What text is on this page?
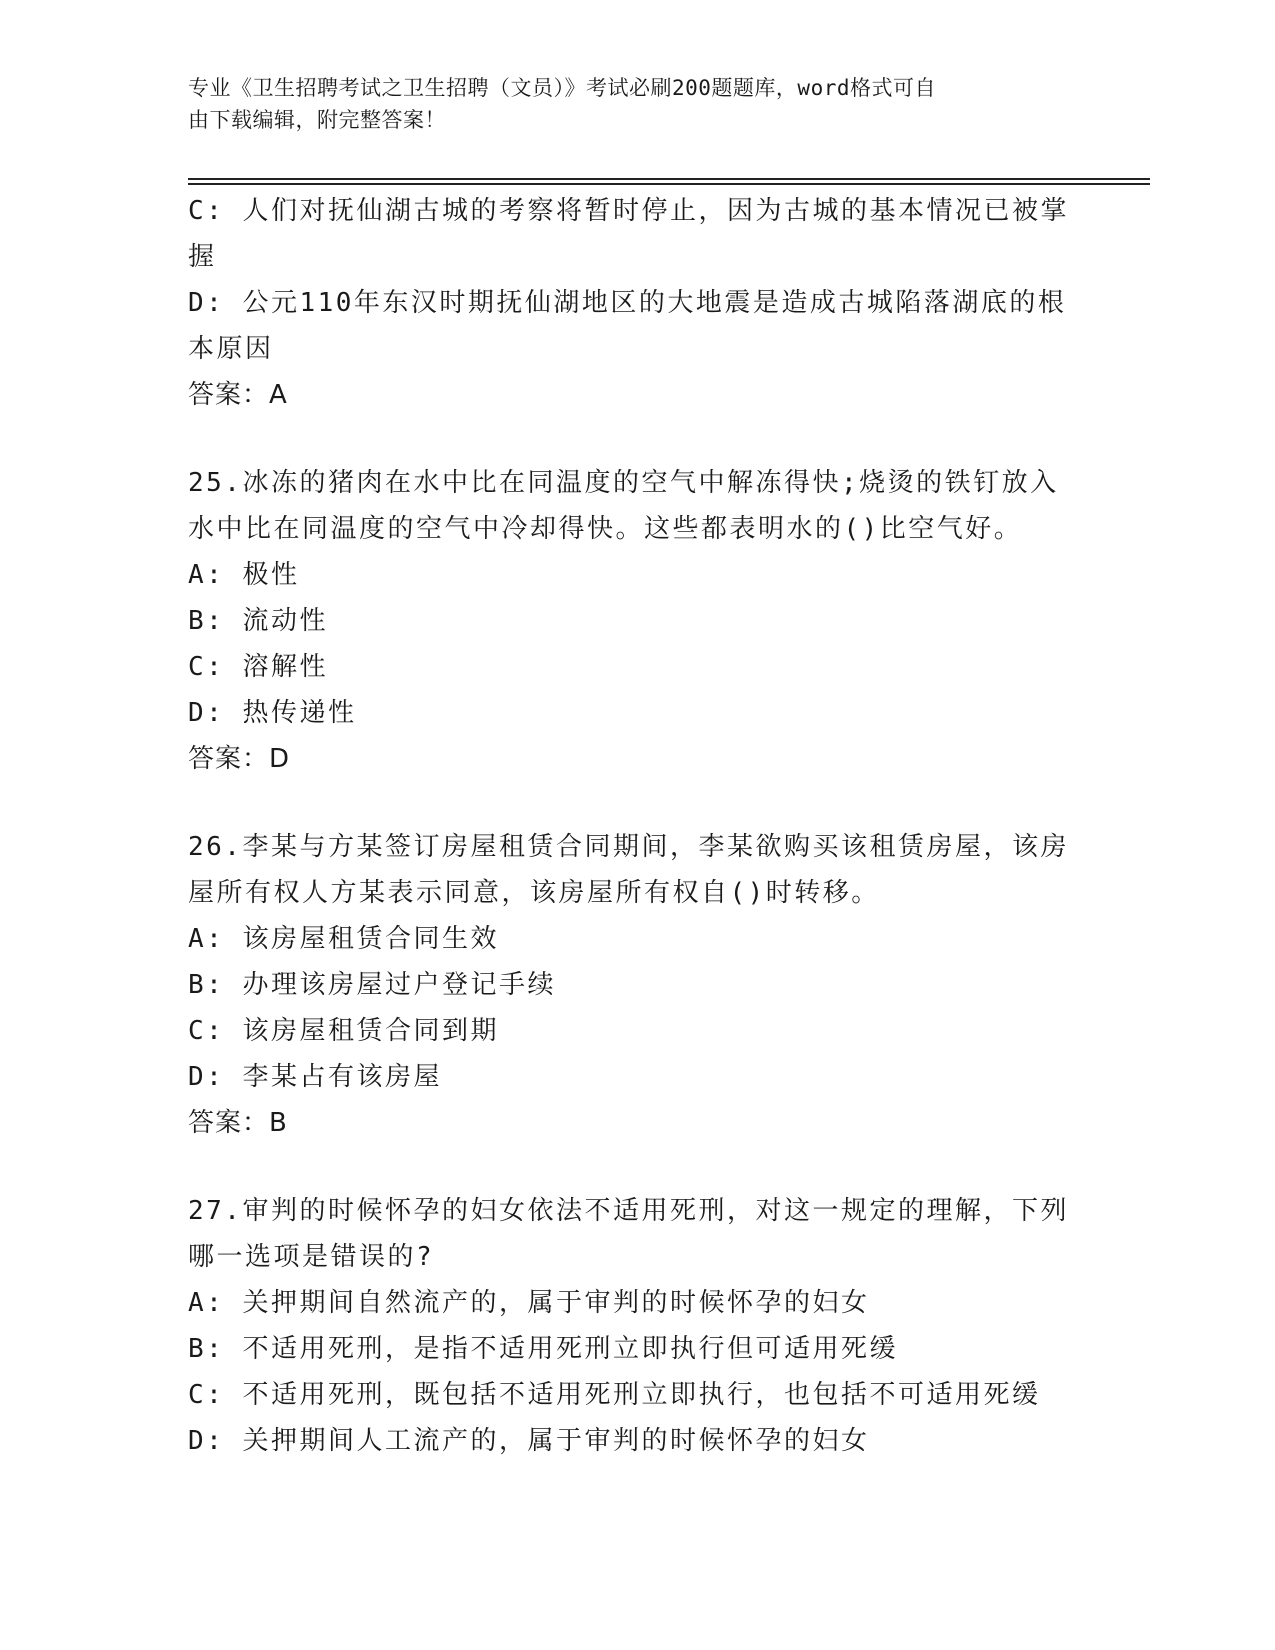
专业《卫生招聘考试之卫生招聘（文员）》考试必刷200题题库，word格式可自
由下载编辑，附完整答案！

C: 人们对抚仙湖古城的考察将暂时停止，因为古城的基本情况已被掌

握

D: 公元110年东汉时期抚仙湖地区的大地震是造成古城陷落湖底的根

本原因

答案：A

25.冰冻的猪肉在水中比在同温度的空气中解冻得快;烧烫的铁钉放入

水中比在同温度的空气中冷却得快。这些都表明水的()比空气好。

A: 极性

B: 流动性

C: 溶解性

D: 热传递性

答案：D

26.李某与方某签订房屋租赁合同期间，李某欲购买该租赁房屋，该房

屋所有权人方某表示同意，该房屋所有权自()时转移。

A: 该房屋租赁合同生效

B: 办理该房屋过户登记手续

C: 该房屋租赁合同到期

D: 李某占有该房屋

答案：B

27.审判的时候怀孕的妇女依法不适用死刑，对这一规定的理解，下列

哪一选项是错误的?

A: 关押期间自然流产的，属于审判的时候怀孕的妇女

B: 不适用死刑，是指不适用死刑立即执行但可适用死缓

C: 不适用死刑，既包括不适用死刑立即执行，也包括不可适用死缓

D: 关押期间人工流产的，属于审判的时候怀孕的妇女
